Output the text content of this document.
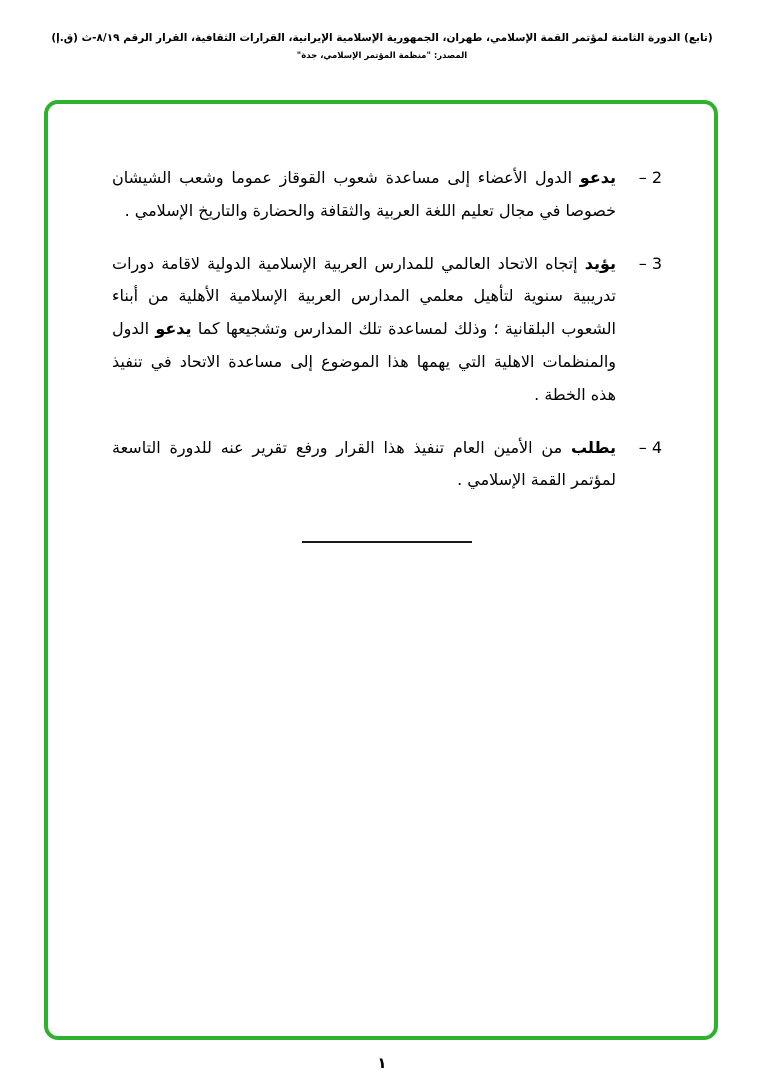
(تابع) الدورة الثامنة لمؤتمر القمة الإسلامي، طهران، الجمهورية الإسلامية الإيرانية، القرارات الثقافية، القرار الرقم ٨/١٩-ث (ق.إ)
المصدر: "منظمة المؤتمر الإسلامي، جدة"
2 –
يدعو الدول الأعضاء إلى مساعدة شعوب القوقاز عموما وشعب الشيشان خصوصا في مجال تعليم اللغة العربية والثقافة والحضارة والتاريخ الإسلامي .
3 –
يؤيد إتجاه الاتحاد العالمي للمدارس العربية الإسلامية الدولية لاقامة دورات تدريبية سنوية لتأهيل معلمي المدارس العربية الإسلامية الأهلية من أبناء الشعوب البلقانية ؛ وذلك لمساعدة تلك المدارس وتشجيعها كما يدعو الدول والمنظمات الاهلية التي يهمها هذا الموضوع إلى مساعدة الاتحاد في تنفيذ هذه الخطة .
4 –
يطلب من الأمين العام تنفيذ هذا القرار ورفع تقرير عنه للدورة التاسعة لمؤتمر القمة الإسلامي .
١
